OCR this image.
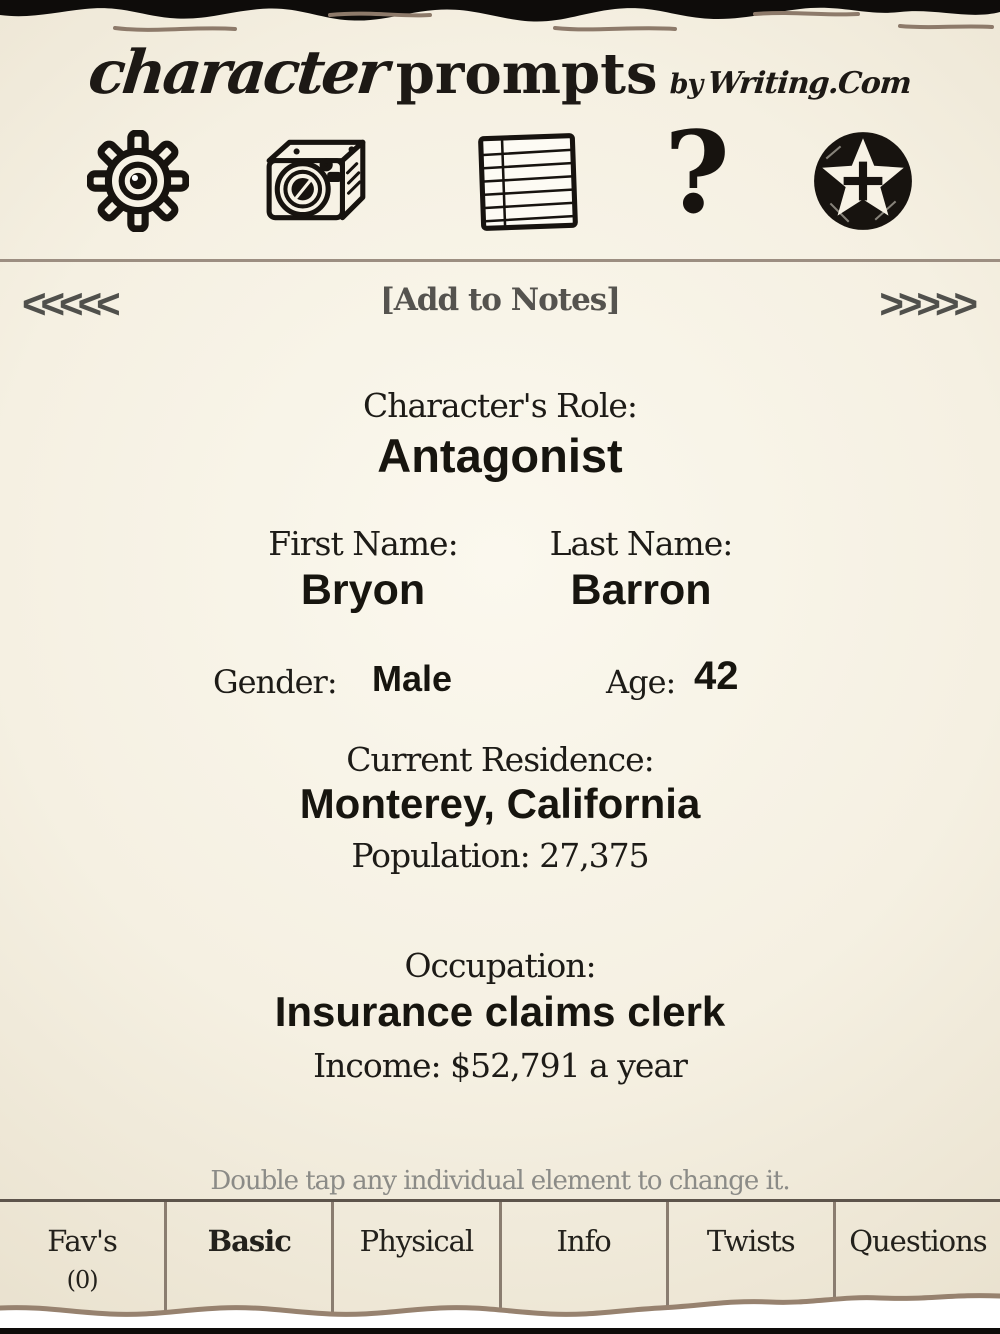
character prompts by Writing.Com
?
<<<<<	[Add to Notes]	>>>>>
Character's Role:
Antagonist
First Name:	Last Name:
Bryon	Barron
Gender: Male	Age: 42
Current Residence:
Monterey, California
Population: 27,375
Occupation:
Insurance claims clerk
Income: $52,791 a year
Double tap any individual element to change it.
Fav's
(0)
Basic	Physical	Info	Twists	Questions
